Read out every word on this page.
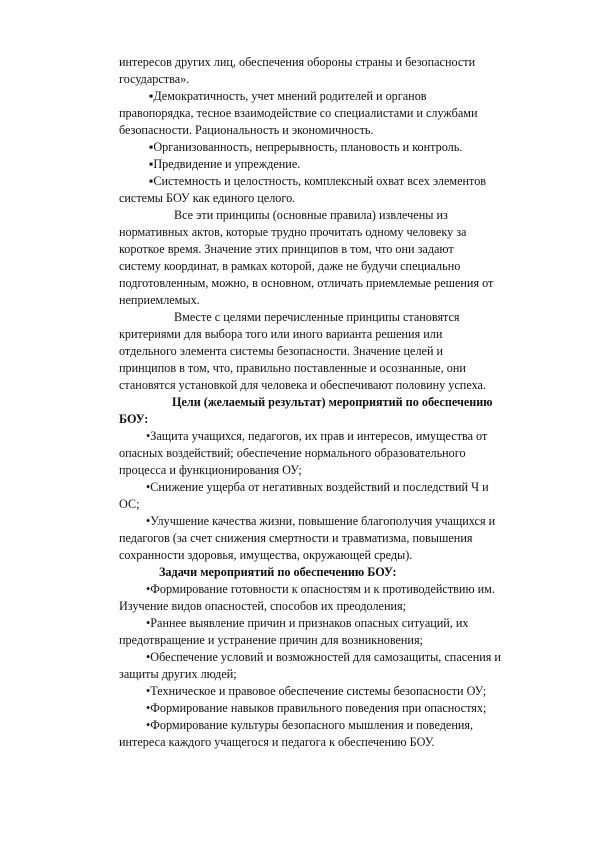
интересов других лиц, обеспечения обороны страны и безопасности
государства».
▪Демократичность, учет мнений родителей и органов
правопорядка, тесное взаимодействие со специалистами и службами
безопасности. Рациональность и экономичность.
▪Организованность, непрерывность, плановость и контроль.
▪Предвидение и упреждение.
▪Системность и целостность, комплексный охват всех элементов
системы БОУ как единого целого.
Все эти принципы (основные правила) извлечены из
нормативных актов, которые трудно прочитать одному человеку за
короткое время. Значение этих принципов в том, что они задают
систему координат, в рамках которой, даже не будучи специально
подготовленным, можно, в основном, отличать приемлемые решения от
неприемлемых.
Вместе с целями перечисленные принципы становятся
критериями для выбора того или иного варианта решения или
отдельного элемента системы безопасности. Значение целей и
принципов в том, что, правильно поставленные и осознанные, они
становятся установкой для человека и обеспечивают половину успеха.
Цели (желаемый результат) мероприятий по обеспечению
БОУ:
•Защита учащихся, педагогов, их прав и интересов, имущества от
опасных воздействий; обеспечение нормального образовательного
процесса и функционирования ОУ;
•Снижение ущерба от негативных воздействий и последствий Ч и
ОС;
•Улучшение качества жизни, повышение благополучия учащихся и
педагогов (за счет снижения смертности и травматизма, повышения
сохранности здоровья, имущества, окружающей среды).
Задачи мероприятий по обеспечению БОУ:
•Формирование готовности к опасностям и к противодействию им.
Изучение видов опасностей, способов их преодоления;
•Раннее выявление причин и признаков опасных ситуаций, их
предотвращение и устранение причин для возникновения;
•Обеспечение условий и возможностей для самозащиты, спасения и
защиты других людей;
•Техническое и правовое обеспечение системы безопасности ОУ;
•Формирование навыков правильного поведения при опасностях;
•Формирование культуры безопасного мышления и поведения,
интереса каждого учащегося и педагога к обеспечению БОУ.
